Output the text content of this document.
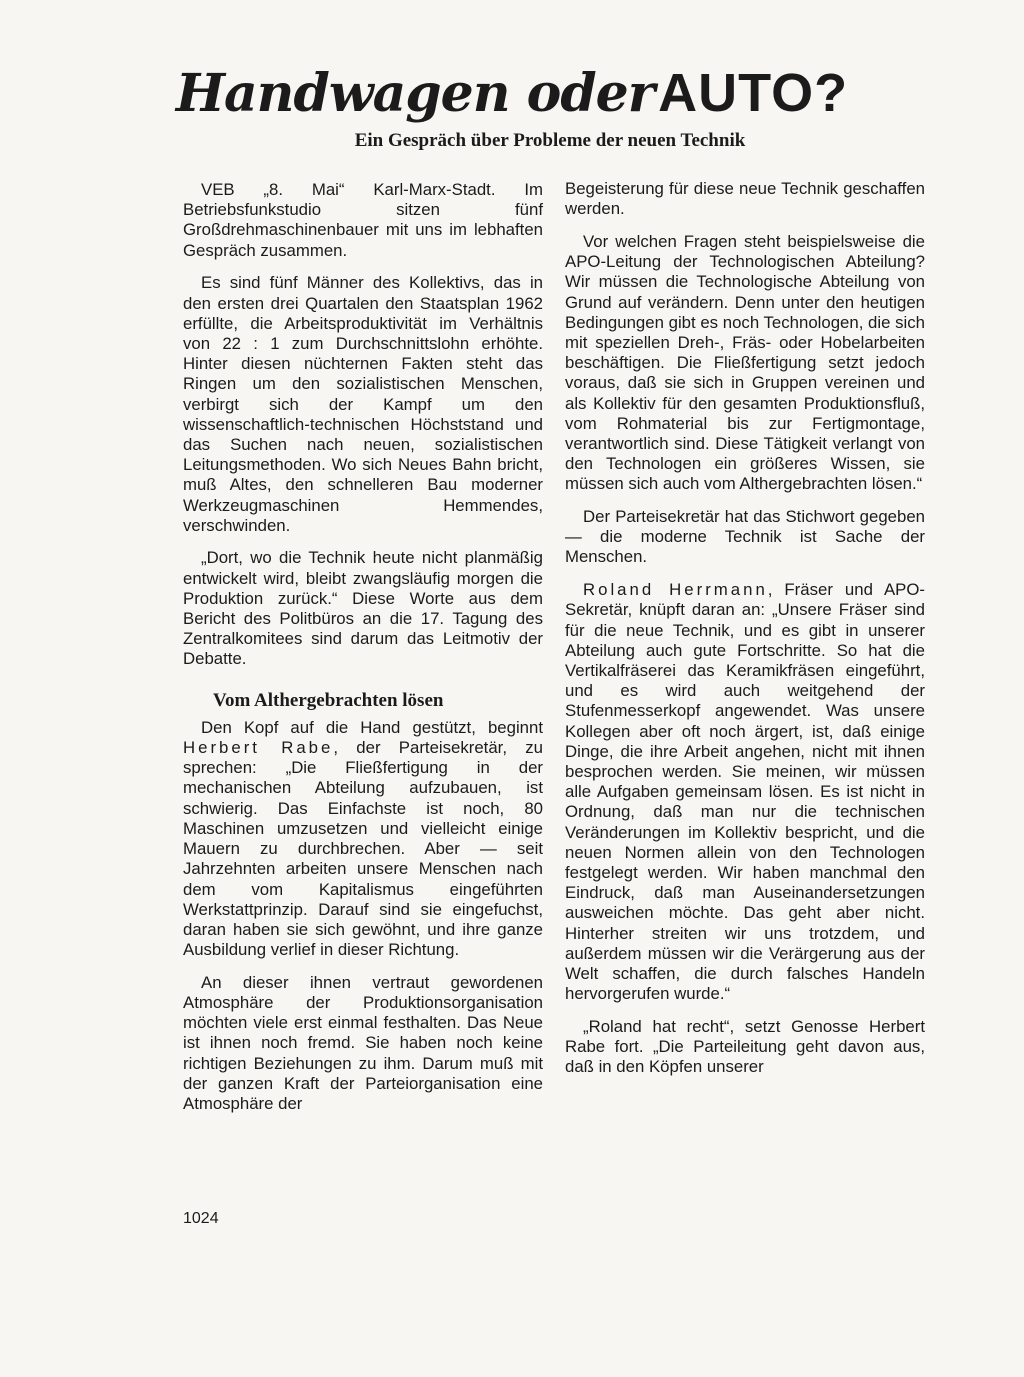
Handwagen oder AUTO?
Ein Gespräch über Probleme der neuen Technik

VEB „8. Mai“ Karl-Marx-Stadt. Im Betriebsfunkstudio sitzen fünf Großdrehmaschinenbauer mit uns im lebhaften Gespräch zusammen.

Es sind fünf Männer des Kollektivs, das in den ersten drei Quartalen den Staatsplan 1962 erfüllte, die Arbeitsproduktivität im Verhältnis von 22 : 1 zum Durchschnittslohn erhöhte. Hinter diesen nüchternen Fakten steht das Ringen um den sozialistischen Menschen, verbirgt sich der Kampf um den wissenschaftlich-technischen Höchststand und das Suchen nach neuen, sozialistischen Leitungsmethoden. Wo sich Neues Bahn bricht, muß Altes, den schnelleren Bau moderner Werkzeugmaschinen Hemmendes, verschwinden.

„Dort, wo die Technik heute nicht planmäßig entwickelt wird, bleibt zwangsläufig morgen die Produktion zurück.“ Diese Worte aus dem Bericht des Politbüros an die 17. Tagung des Zentralkomitees sind darum das Leitmotiv der Debatte.

Vom Althergebrachten lösen

Den Kopf auf die Hand gestützt, beginnt Herbert Rabe, der Parteisekretär, zu sprechen: „Die Fließfertigung in der mechanischen Abteilung aufzubauen, ist schwierig. Das Einfachste ist noch, 80 Maschinen umzusetzen und vielleicht einige Mauern zu durchbrechen. Aber — seit Jahrzehnten arbeiten unsere Menschen nach dem vom Kapitalismus eingeführten Werkstattprinzip. Darauf sind sie eingefuchst, daran haben sie sich gewöhnt, und ihre ganze Ausbildung verlief in dieser Richtung.

An dieser ihnen vertraut gewordenen Atmosphäre der Produktionsorganisation möchten viele erst einmal festhalten. Das Neue ist ihnen noch fremd. Sie haben noch keine richtigen Beziehungen zu ihm. Darum muß mit der ganzen Kraft der Parteiorganisation eine Atmosphäre der

Begeisterung für diese neue Technik geschaffen werden.

Vor welchen Fragen steht beispielsweise die APO-Leitung der Technologischen Abteilung? Wir müssen die Technologische Abteilung von Grund auf verändern. Denn unter den heutigen Bedingungen gibt es noch Technologen, die sich mit speziellen Dreh-, Fräs- oder Hobelarbeiten beschäftigen. Die Fließfertigung setzt jedoch voraus, daß sie sich in Gruppen vereinen und als Kollektiv für den gesamten Produktionsfluß, vom Rohmaterial bis zur Fertigmontage, verantwortlich sind. Diese Tätigkeit verlangt von den Technologen ein größeres Wissen, sie müssen sich auch vom Althergebrachten lösen.“

Der Parteisekretär hat das Stichwort gegeben — die moderne Technik ist Sache der Menschen.

Roland Herrmann, Fräser und APO-Sekretär, knüpft daran an: „Unsere Fräser sind für die neue Technik, und es gibt in unserer Abteilung auch gute Fortschritte. So hat die Vertikalfräserei das Keramikfräsen eingeführt, und es wird auch weitgehend der Stufenmesserkopf angewendet. Was unsere Kollegen aber oft noch ärgert, ist, daß einige Dinge, die ihre Arbeit angehen, nicht mit ihnen besprochen werden. Sie meinen, wir müssen alle Aufgaben gemeinsam lösen. Es ist nicht in Ordnung, daß man nur die technischen Veränderungen im Kollektiv bespricht, und die neuen Normen allein von den Technologen festgelegt werden. Wir haben manchmal den Eindruck, daß man Auseinandersetzungen ausweichen möchte. Das geht aber nicht. Hinterher streiten wir uns trotzdem, und außerdem müssen wir die Verärgerung aus der Welt schaffen, die durch falsches Handeln hervorgerufen wurde.“

„Roland hat recht“, setzt Genosse Herbert Rabe fort. „Die Parteileitung geht davon aus, daß in den Köpfen unserer

1024
